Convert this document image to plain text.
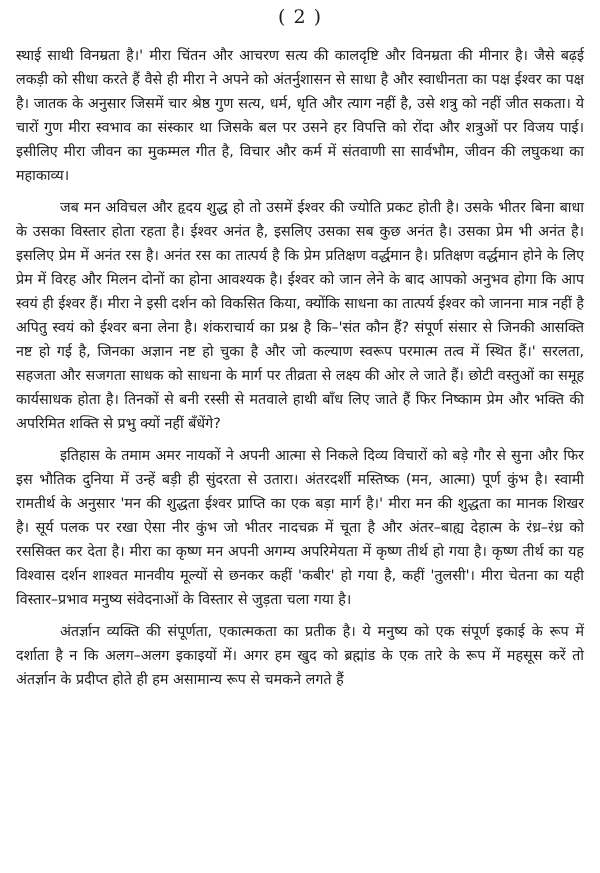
( 2 )

स्थाई साथी विनम्रता है।' मीरा चिंतन और आचरण सत्य की कालदृष्टि और विनम्रता की मीनार है। जैसे बढ़ई लकड़ी को सीधा करते हैं वैसे ही मीरा ने अपने को अंतर्नुशासन से साधा है और स्वाधीनता का पक्ष ईश्वर का पक्ष है। जातक के अनुसार जिसमें चार श्रेष्ठ गुण सत्य, धर्म, धृति और त्याग नहीं है, उसे शत्रु को नहीं जीत सकता। ये चारों गुण मीरा स्वभाव का संस्कार था जिसके बल पर उसने हर विपत्ति को रोंदा और शत्रुओं पर विजय पाई। इसीलिए मीरा जीवन का मुकम्मल गीत है, विचार और कर्म में संतवाणी सा सार्वभौम, जीवन की लघुकथा का महाकाव्य।

जब मन अविचल और हृदय शुद्ध हो तो उसमें ईश्वर की ज्योति प्रकट होती है। उसके भीतर बिना बाधा के उसका विस्तार होता रहता है। ईश्वर अनंत है, इसलिए उसका सब कुछ अनंत है। उसका प्रेम भी अनंत है। इसलिए प्रेम में अनंत रस है। अनंत रस का तात्पर्य है कि प्रेम प्रतिक्षण वर्द्धमान है। प्रतिक्षण वर्द्धमान होने के लिए प्रेम में विरह और मिलन दोनों का होना आवश्यक है। ईश्वर को जान लेने के बाद आपको अनुभव होगा कि आप स्वयं ही ईश्वर हैं। मीरा ने इसी दर्शन को विकसित किया, क्योंकि साधना का तात्पर्य ईश्वर को जानना मात्र नहीं है अपितु स्वयं को ईश्वर बना लेना है। शंकराचार्य का प्रश्न है कि–'संत कौन हैं? संपूर्ण संसार से जिनकी आसक्ति नष्ट हो गई है, जिनका अज्ञान नष्ट हो चुका है और जो कल्याण स्वरूप परमात्म तत्व में स्थित हैं।' सरलता, सहजता और सजगता साधक को साधना के मार्ग पर तीव्रता से लक्ष्य की ओर ले जाते हैं। छोटी वस्तुओं का समूह कार्यसाधक होता है। तिनकों से बनी रस्सी से मतवाले हाथी बाँध लिए जाते हैं फिर निष्काम प्रेम और भक्ति की अपरिमित शक्ति से प्रभु क्यों नहीं बँधेंगे?

इतिहास के तमाम अमर नायकों ने अपनी आत्मा से निकले दिव्य विचारों को बड़े गौर से सुना और फिर इस भौतिक दुनिया में उन्हें बड़ी ही सुंदरता से उतारा। अंतरदर्शी मस्तिष्क (मन, आत्मा) पूर्ण कुंभ है। स्वामी रामतीर्थ के अनुसार 'मन की शुद्धता ईश्वर प्राप्ति का एक बड़ा मार्ग है।' मीरा मन की शुद्धता का मानक शिखर है। सूर्य पलक पर रखा ऐसा नीर कुंभ जो भीतर नादचक्र में चूता है और अंतर–बाह्य देहात्म के रंध्र–रंध्र को रससिक्त कर देता है। मीरा का कृष्ण मन अपनी अगम्य अपरिमेयता में कृष्ण तीर्थ हो गया है। कृष्ण तीर्थ का यह विश्वास दर्शन शाश्वत मानवीय मूल्यों से छनकर कहीं 'कबीर' हो गया है, कहीं 'तुलसी'। मीरा चेतना का यही विस्तार–प्रभाव मनुष्य संवेदनाओं के विस्तार से जुड़ता चला गया है।

अंतर्ज्ञान व्यक्ति की संपूर्णता, एकात्मकता का प्रतीक है। ये मनुष्य को एक संपूर्ण इकाई के रूप में दर्शाता है न कि अलग–अलग इकाइयों में। अगर हम खुद को ब्रह्मांड के एक तारे के रूप में महसूस करें तो अंतर्ज्ञान के प्रदीप्त होते ही हम असामान्य रूप से चमकने लगते हैं
